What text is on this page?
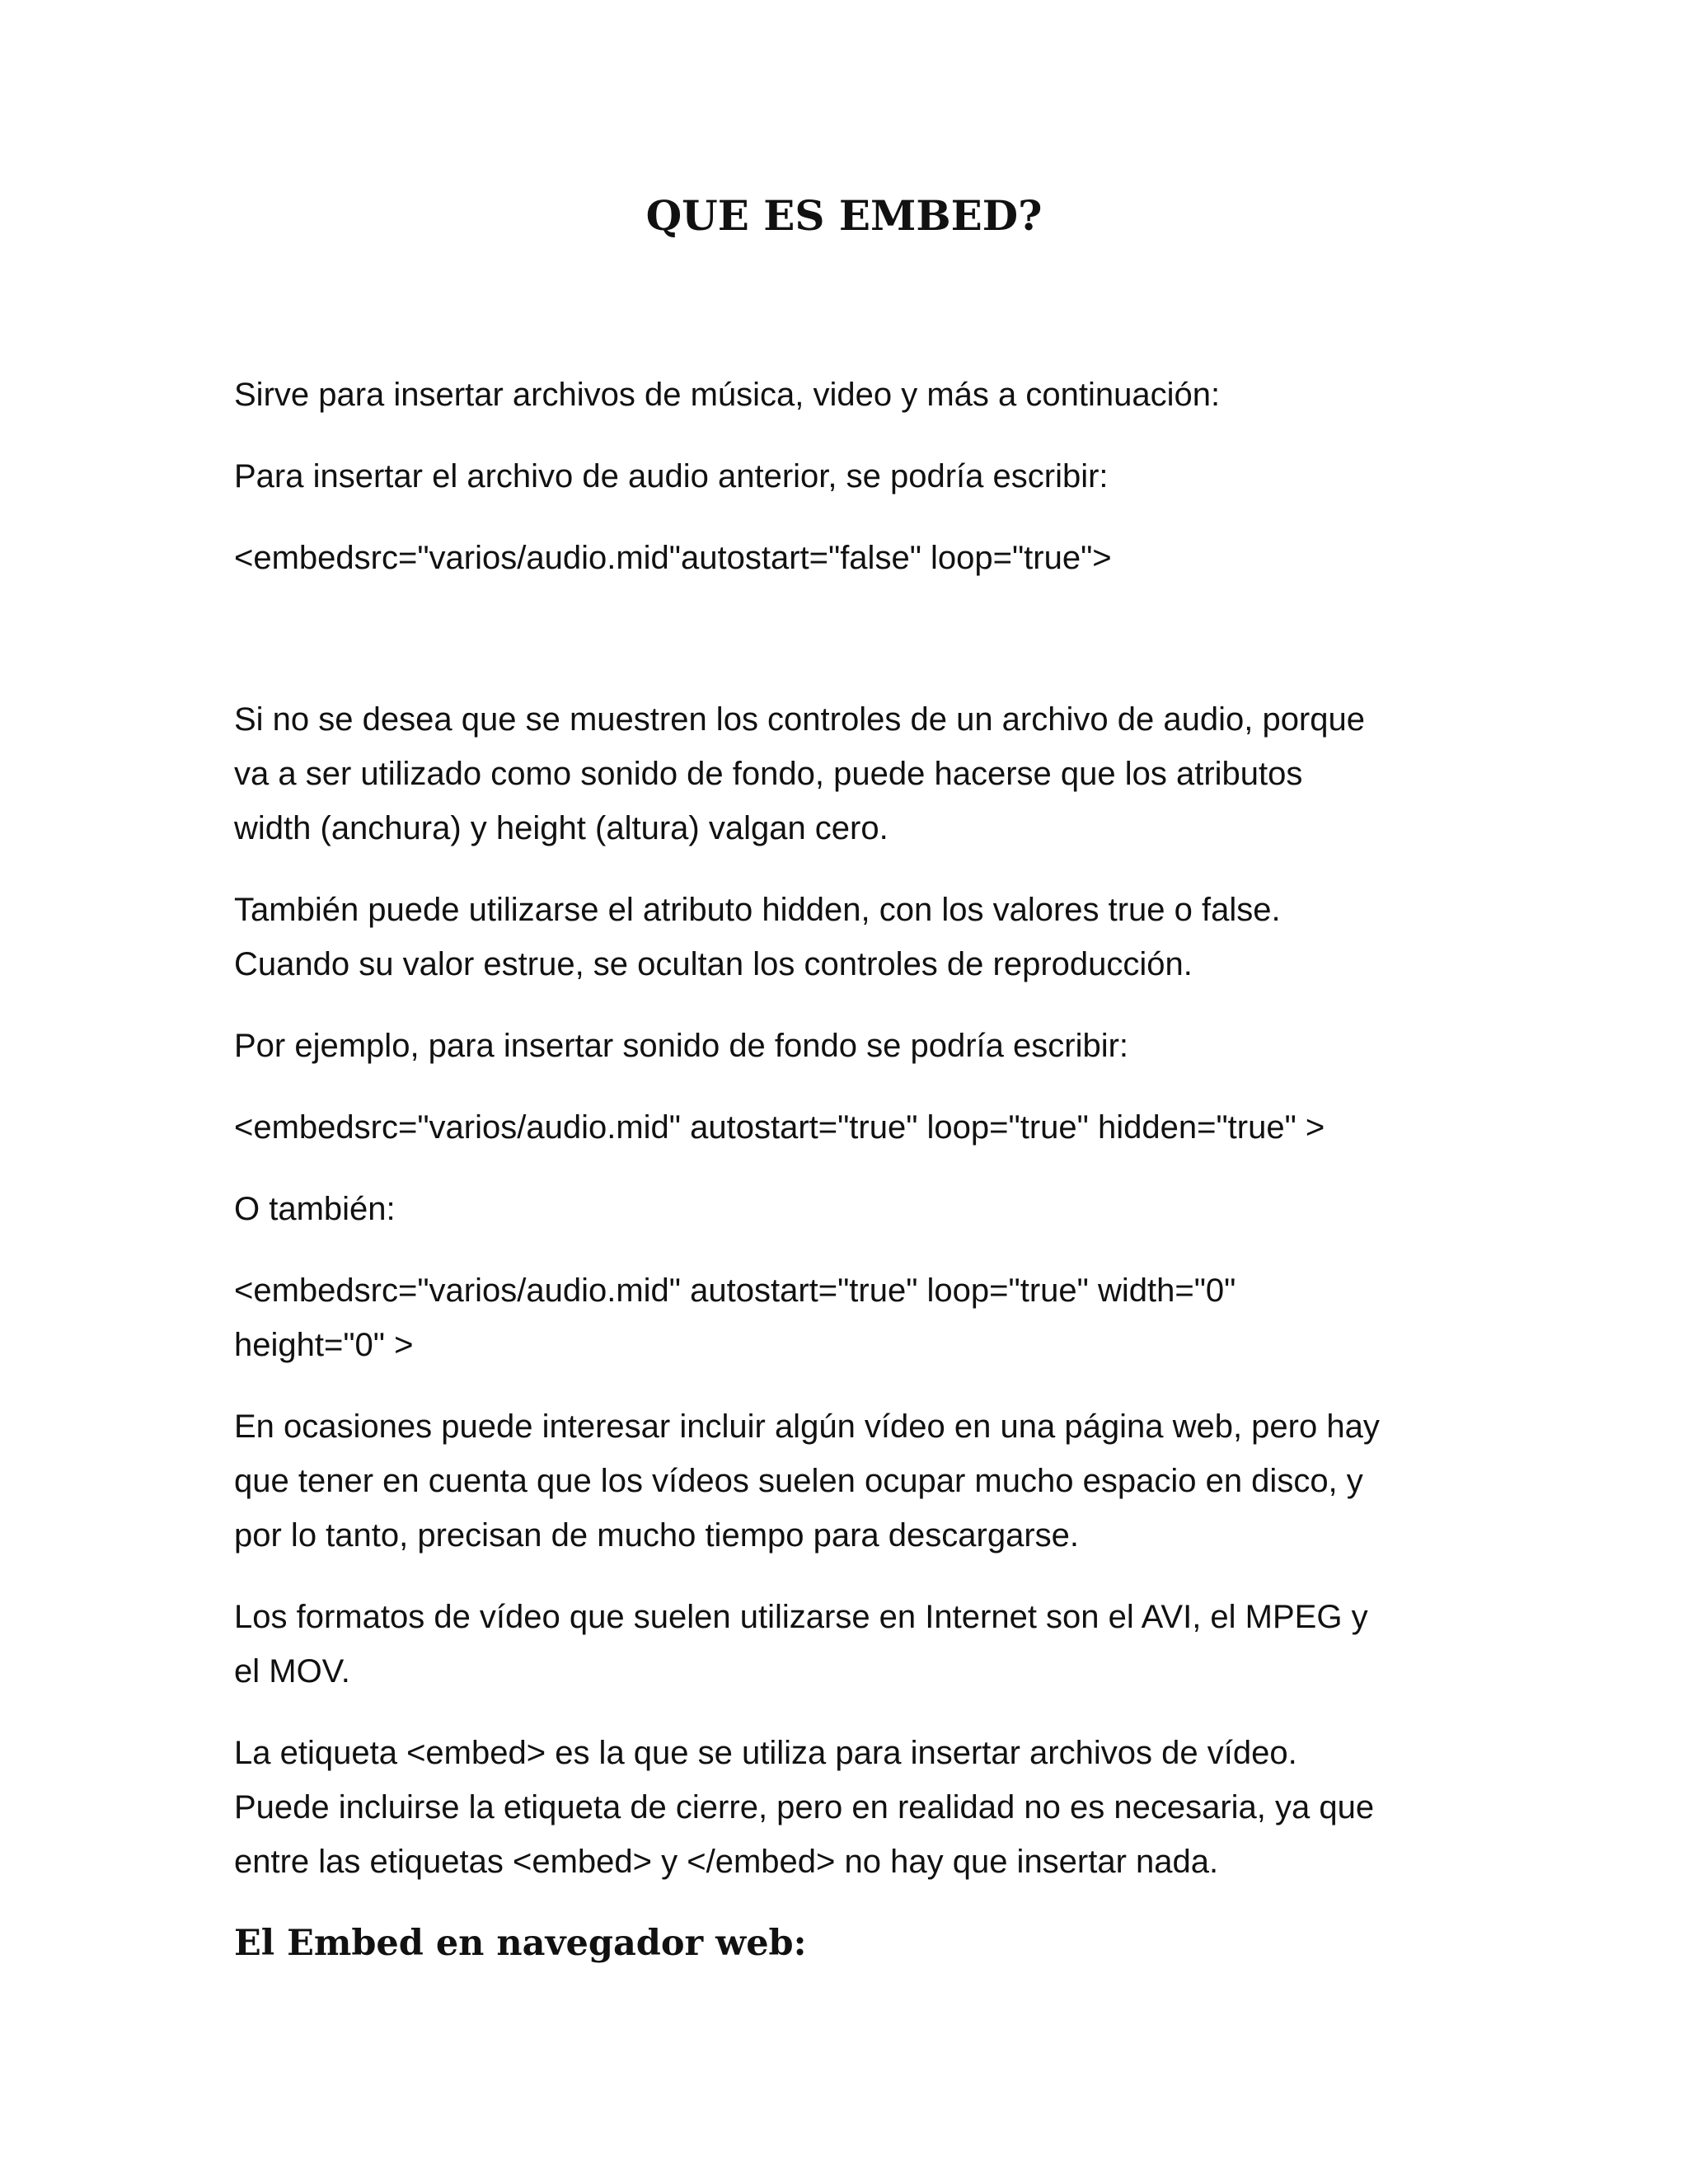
QUE ES EMBED?

Sirve para insertar archivos de música, video y más a continuación:

Para insertar el archivo de audio anterior, se podría escribir:

<embedsrc="varios/audio.mid"autostart="false" loop="true">

Si no se desea que se muestren los controles de un archivo de audio, porque
va a ser utilizado como sonido de fondo, puede hacerse que los atributos
width (anchura) y height (altura) valgan cero.

También puede utilizarse el atributo hidden, con los valores true o false.
Cuando su valor estrue, se ocultan los controles de reproducción.

Por ejemplo, para insertar sonido de fondo se podría escribir:

<embedsrc="varios/audio.mid" autostart="true" loop="true" hidden="true" >

O también:

<embedsrc="varios/audio.mid" autostart="true" loop="true" width="0"
height="0" >

En ocasiones puede interesar incluir algún vídeo en una página web, pero hay
que tener en cuenta que los vídeos suelen ocupar mucho espacio en disco, y
por lo tanto, precisan de mucho tiempo para descargarse.

Los formatos de vídeo que suelen utilizarse en Internet son el AVI, el MPEG y
el MOV.

La etiqueta <embed> es la que se utiliza para insertar archivos de vídeo.
Puede incluirse la etiqueta de cierre, pero en realidad no es necesaria, ya que
entre las etiquetas <embed> y </embed> no hay que insertar nada.

El Embed en navegador web:
